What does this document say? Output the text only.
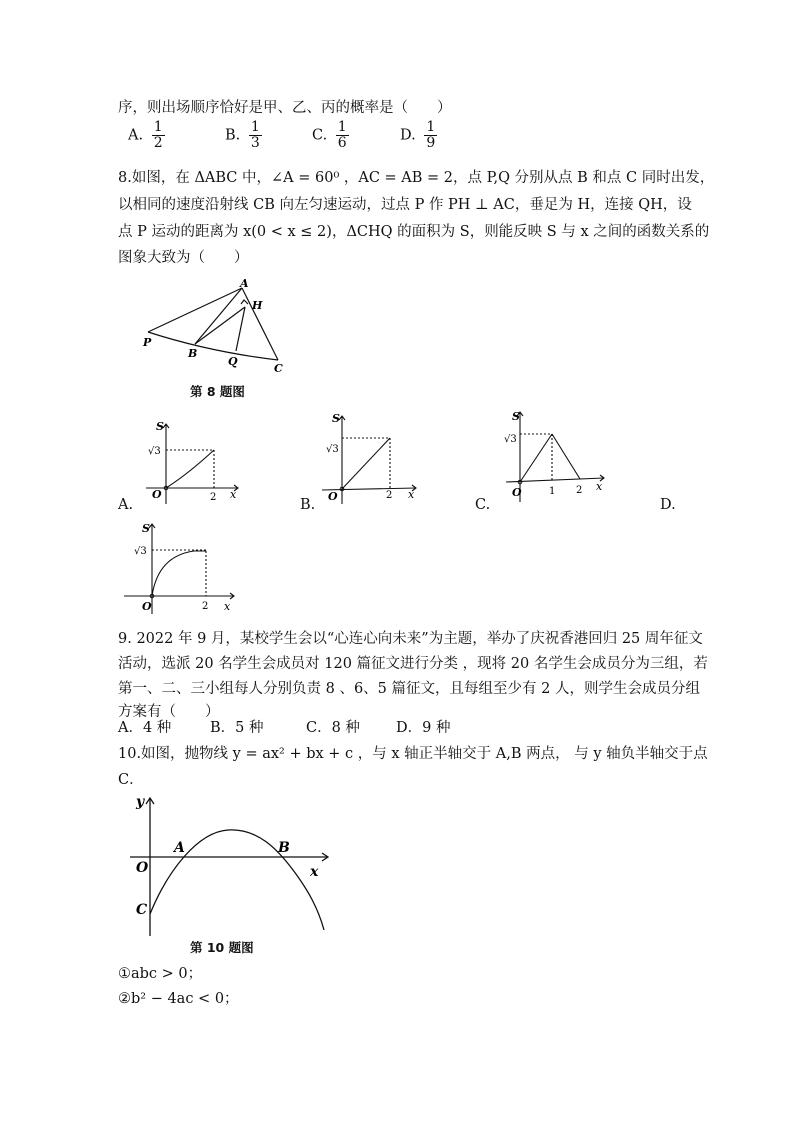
序，则出场顺序恰好是甲、乙、丙的概率是（　　）
A. $\frac{1}{2}$	B. $\frac{1}{3}$	C. $\frac{1}{6}$	D. $\frac{1}{9}$
8.如图，在 ΔABC 中，∠A = 60⁰ ，AC = AB = 2，点 P,Q 分别从点 B 和点 C 同时出发，
以相同的速度沿射线 CB 向左匀速运动，过点 P 作 PH ⊥ AC，垂足为 H，连接 QH，设
点 P 运动的距离为 x(0 < x ≤ 2)，ΔCHQ 的面积为 S，则能反映 S 与 x 之间的函数关系的
图象大致为（　　）
A
H
P
B
Q
C
第 8 题图
A.
S
√3
O	2 x
B.
S
√3
O	2 x
C.
S
√3
O	1 2 x
D.
S
√3
O	2 x
9. 2022 年 9 月，某校学生会以“心连心向未来”为主题，举办了庆祝香港回归 25 周年征文
活动，选派 20 名学生会成员对 120 篇征文进行分类 ，现将 20 名学生会成员分为三组，若
第一、二、三小组每人分别负责 8 、6、5 篇征文，且每组至少有 2 人，则学生会成员分组
方案有（　　）
A．4 种	B．5 种	C．8 种 D．9 种
10.如图，抛物线 y = ax² + bx + c ，与 x 轴正半轴交于 A,B 两点， 与 y 轴负半轴交于点
C．
y
x
O
A	B
C
第 10 题图
①abc > 0；
②b² − 4ac < 0；
